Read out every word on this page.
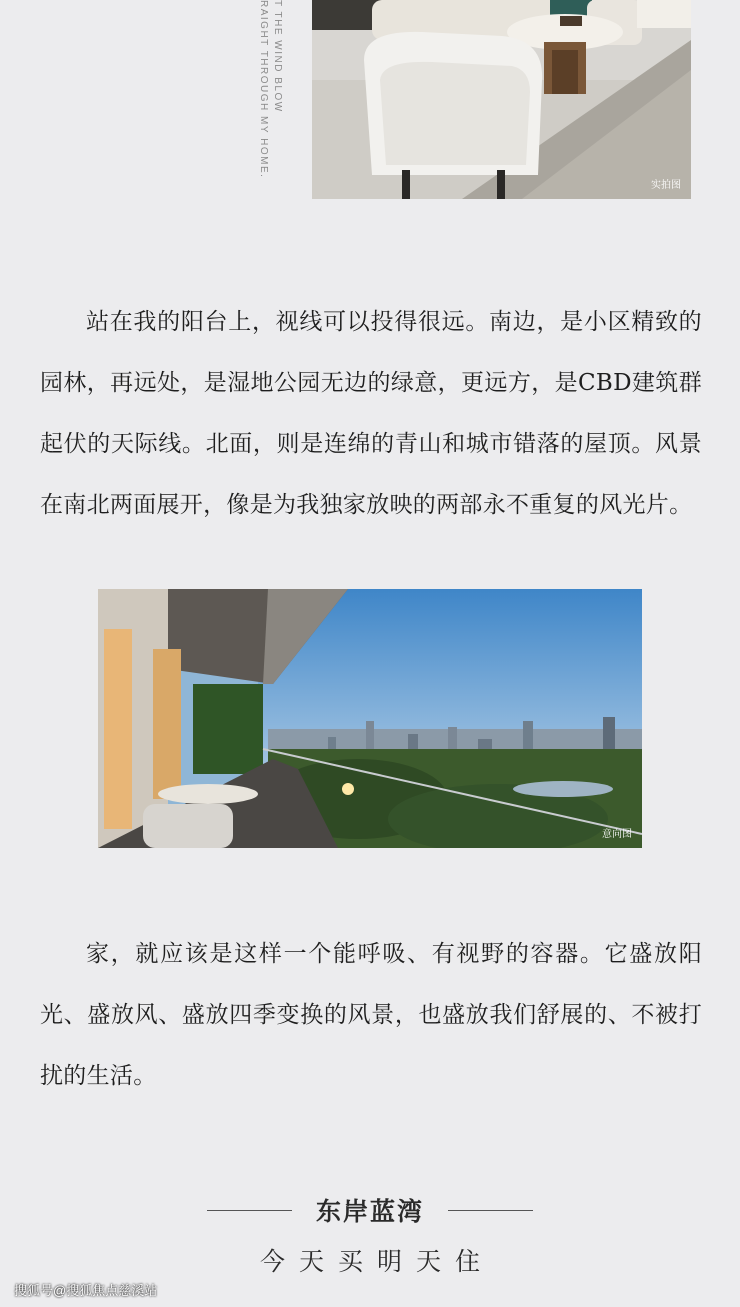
T THE WIND BLOW
RAIGHT THROUGH MY HOME.
实拍图

站在我的阳台上，视线可以投得很远。南边，是小区精致的园林，再远处，是湿地公园无边的绿意，更远方，是CBD建筑群起伏的天际线。北面，则是连绵的青山和城市错落的屋顶。风景在南北两面展开，像是为我独家放映的两部永不重复的风光片。

意向图

家，就应该是这样一个能呼吸、有视野的容器。它盛放阳光、盛放风、盛放四季变换的风景，也盛放我们舒展的、不被打扰的生活。

东岸蓝湾
今天买明天住
搜狐号@搜狐焦点慈溪站
